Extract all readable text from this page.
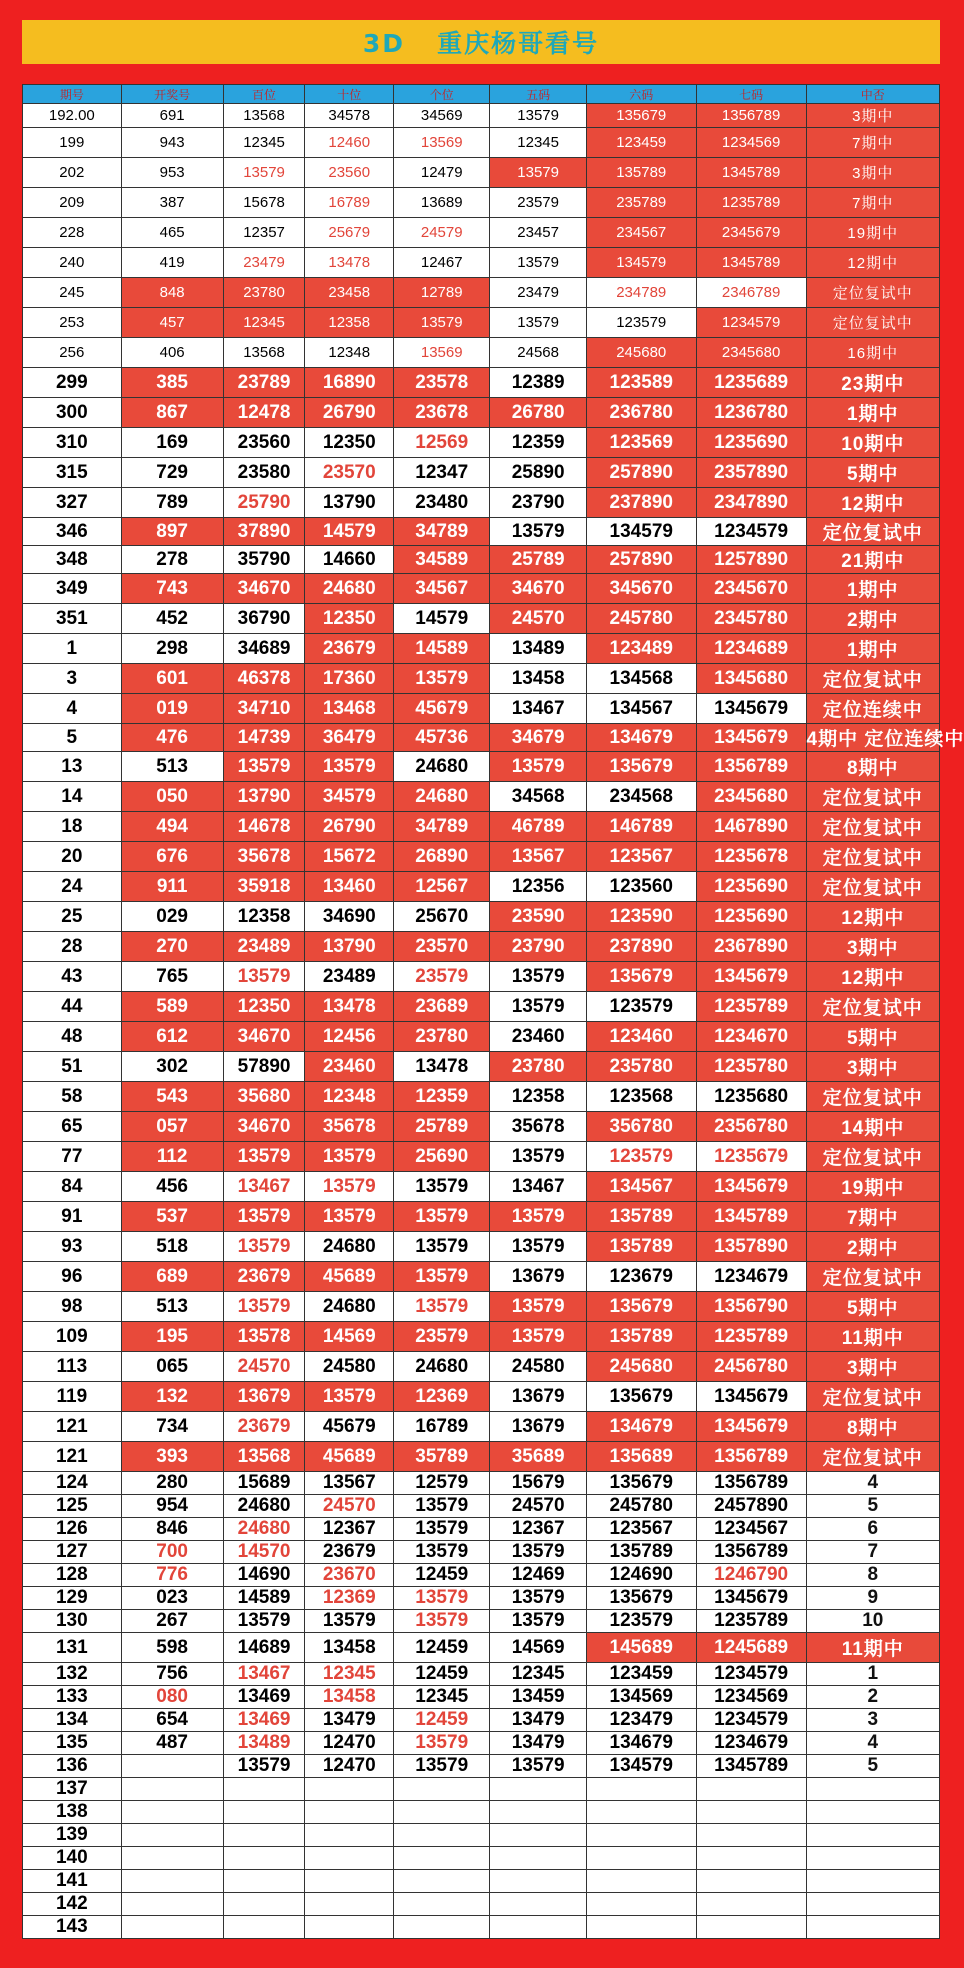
3D   重庆杨哥看号
期号	开奖号	百位	十位	个位	五码	六码	七码	中否
192.00	691	13568	34578	34569	13579	135679	1356789	3期中
199	943	12345	12460	13569	12345	123459	1234569	7期中
202	953	13579	23560	12479	13579	135789	1345789	3期中
209	387	15678	16789	13689	23579	235789	1235789	7期中
228	465	12357	25679	24579	23457	234567	2345679	19期中
240	419	23479	13478	12467	13579	134579	1345789	12期中
245	848	23780	23458	12789	23479	234789	2346789	定位复试中
253	457	12345	12358	13579	13579	123579	1234579	定位复试中
256	406	13568	12348	13569	24568	245680	2345680	16期中
299	385	23789	16890	23578	12389	123589	1235689	23期中
300	867	12478	26790	23678	26780	236780	1236780	1期中
310	169	23560	12350	12569	12359	123569	1235690	10期中
315	729	23580	23570	12347	25890	257890	2357890	5期中
327	789	25790	13790	23480	23790	237890	2347890	12期中
346	897	37890	14579	34789	13579	134579	1234579	定位复试中
348	278	35790	14660	34589	25789	257890	1257890	21期中
349	743	34670	24680	34567	34670	345670	2345670	1期中
351	452	36790	12350	14579	24570	245780	2345780	2期中
1	298	34689	23679	14589	13489	123489	1234689	1期中
3	601	46378	17360	13579	13458	134568	1345680	定位复试中
4	019	34710	13468	45679	13467	134567	1345679	定位连续中
5	476	14739	36479	45736	34679	134679	1345679	4期中 定位连续中
13	513	13579	13579	24680	13579	135679	1356789	8期中
14	050	13790	34579	24680	34568	234568	2345680	定位复试中
18	494	14678	26790	34789	46789	146789	1467890	定位复试中
20	676	35678	15672	26890	13567	123567	1235678	定位复试中
24	911	35918	13460	12567	12356	123560	1235690	定位复试中
25	029	12358	34690	25670	23590	123590	1235690	12期中
28	270	23489	13790	23570	23790	237890	2367890	3期中
43	765	13579	23489	23579	13579	135679	1345679	12期中
44	589	12350	13478	23689	13579	123579	1235789	定位复试中
48	612	34670	12456	23780	23460	123460	1234670	5期中
51	302	57890	23460	13478	23780	235780	1235780	3期中
58	543	35680	12348	12359	12358	123568	1235680	定位复试中
65	057	34670	35678	25789	35678	356780	2356780	14期中
77	112	13579	13579	25690	13579	123579	1235679	定位复试中
84	456	13467	13579	13579	13467	134567	1345679	19期中
91	537	13579	13579	13579	13579	135789	1345789	7期中
93	518	13579	24680	13579	13579	135789	1357890	2期中
96	689	23679	45689	13579	13679	123679	1234679	定位复试中
98	513	13579	24680	13579	13579	135679	1356790	5期中
109	195	13578	14569	23579	13579	135789	1235789	11期中
113	065	24570	24580	24680	24580	245680	2456780	3期中
119	132	13679	13579	12369	13679	135679	1345679	定位复试中
121	734	23679	45679	16789	13679	134679	1345679	8期中
121	393	13568	45689	35789	35689	135689	1356789	定位复试中
124	280	15689	13567	12579	15679	135679	1356789	4
125	954	24680	24570	13579	24570	245780	2457890	5
126	846	24680	12367	13579	12367	123567	1234567	6
127	700	14570	23679	13579	13579	135789	1356789	7
128	776	14690	23670	12459	12469	124690	1246790	8
129	023	14589	12369	13579	13579	135679	1345679	9
130	267	13579	13579	13579	13579	123579	1235789	10
131	598	14689	13458	12459	14569	145689	1245689	11期中
132	756	13467	12345	12459	12345	123459	1234579	1
133	080	13469	13458	12345	13459	134569	1234569	2
134	654	13469	13479	12459	13479	123479	1234579	3
135	487	13489	12470	13579	13479	134679	1234679	4
136		13579	12470	13579	13579	134579	1345789	5
137								
138								
139								
140								
141								
142								
143								
